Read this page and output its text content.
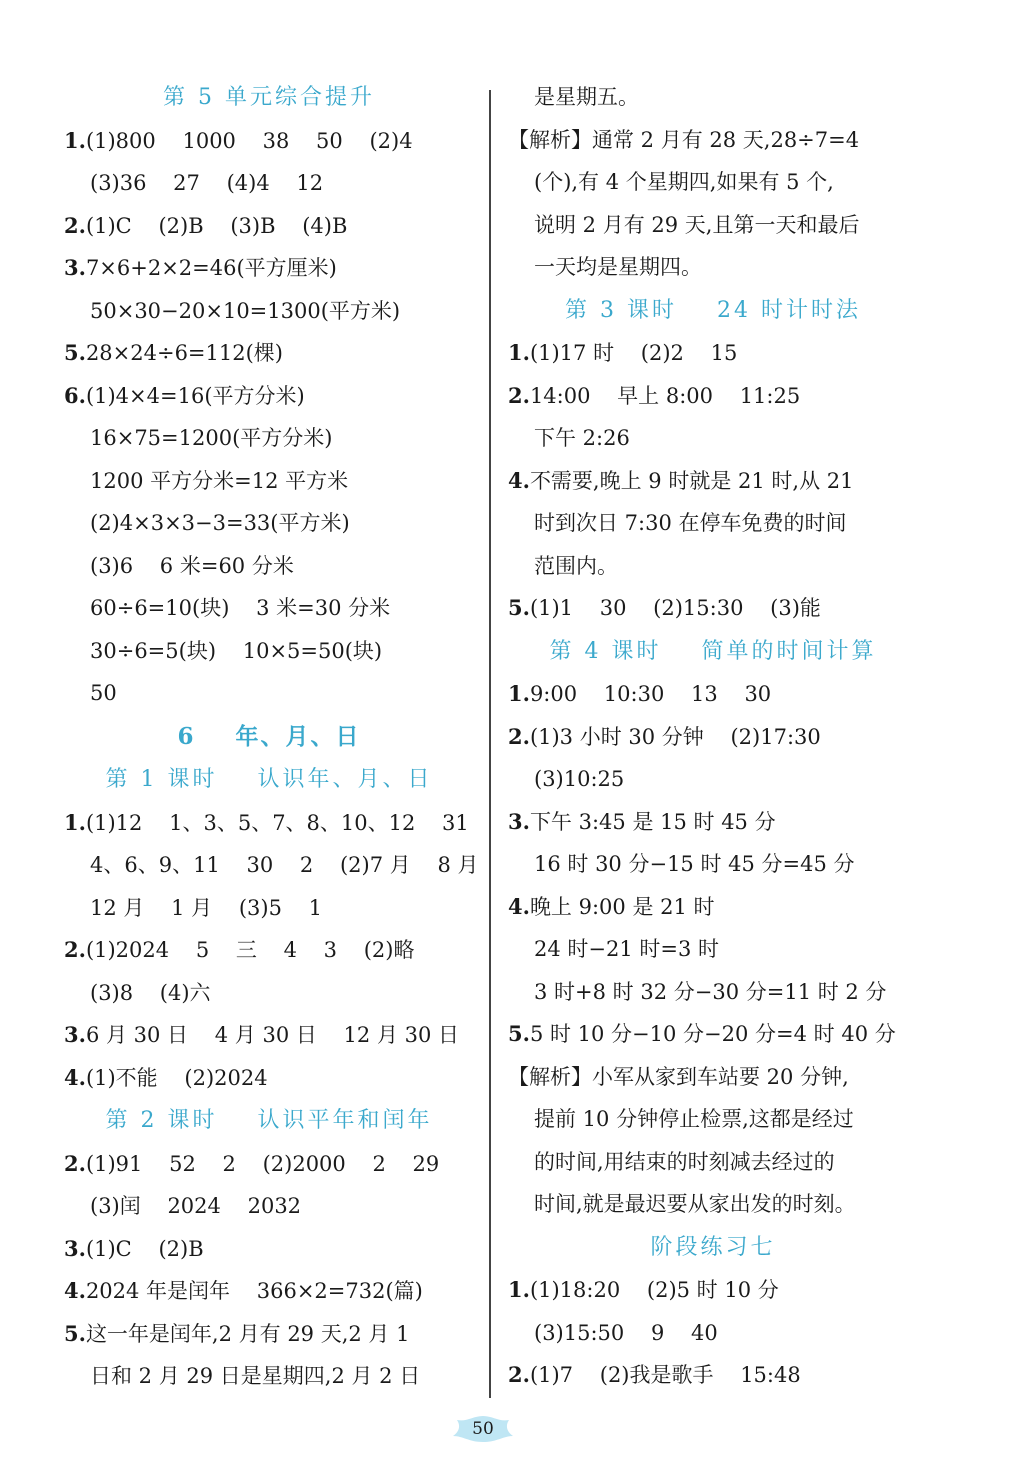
第 5 单元综合提升
1.(1)800    1000    38    50    (2)4
(3)36    27    (4)4    12
2.(1)C    (2)B    (3)B    (4)B
3.7×6+2×2=46(平方厘米)
50×30−20×10=1300(平方米)
5.28×24÷6=112(棵)
6.(1)4×4=16(平方分米)
16×75=1200(平方分米)
1200 平方分米=12 平方米
(2)4×3×3−3=33(平方米)
(3)6    6 米=60 分米
60÷6=10(块)    3 米=30 分米
30÷6=5(块)    10×5=50(块)
50
6    年、月、日
第 1 课时    认识年、月、日
1.(1)12    1、3、5、7、8、10、12    31
4、6、9、11    30    2    (2)7 月    8 月
12 月    1 月    (3)5    1
2.(1)2024    5    三    4    3    (2)略
(3)8    (4)六
3.6 月 30 日    4 月 30 日    12 月 30 日
4.(1)不能    (2)2024
第 2 课时    认识平年和闰年
2.(1)91    52    2    (2)2000    2    29
(3)闰    2024    2032
3.(1)C    (2)B
4.2024 年是闰年    366×2=732(篇)
5.这一年是闰年,2 月有 29 天,2 月 1
日和 2 月 29 日是星期四,2 月 2 日
是星期五。
【解析】通常 2 月有 28 天,28÷7=4
(个),有 4 个星期四,如果有 5 个,
说明 2 月有 29 天,且第一天和最后
一天均是星期四。
第 3 课时    24 时计时法
1.(1)17 时    (2)2    15
2.14:00    早上 8:00    11:25
下午 2:26
4.不需要,晚上 9 时就是 21 时,从 21
时到次日 7:30 在停车免费的时间
范围内。
5.(1)1    30    (2)15:30    (3)能
第 4 课时    简单的时间计算
1.9:00    10:30    13    30
2.(1)3 小时 30 分钟    (2)17:30
(3)10:25
3.下午 3:45 是 15 时 45 分
16 时 30 分−15 时 45 分=45 分
4.晚上 9:00 是 21 时
24 时−21 时=3 时
3 时+8 时 32 分−30 分=11 时 2 分
5.5 时 10 分−10 分−20 分=4 时 40 分
【解析】小军从家到车站要 20 分钟,
提前 10 分钟停止检票,这都是经过
的时间,用结束的时刻减去经过的
时间,就是最迟要从家出发的时刻。
阶段练习七
1.(1)18:20    (2)5 时 10 分
(3)15:50    9    40
2.(1)7    (2)我是歌手    15:48
50
